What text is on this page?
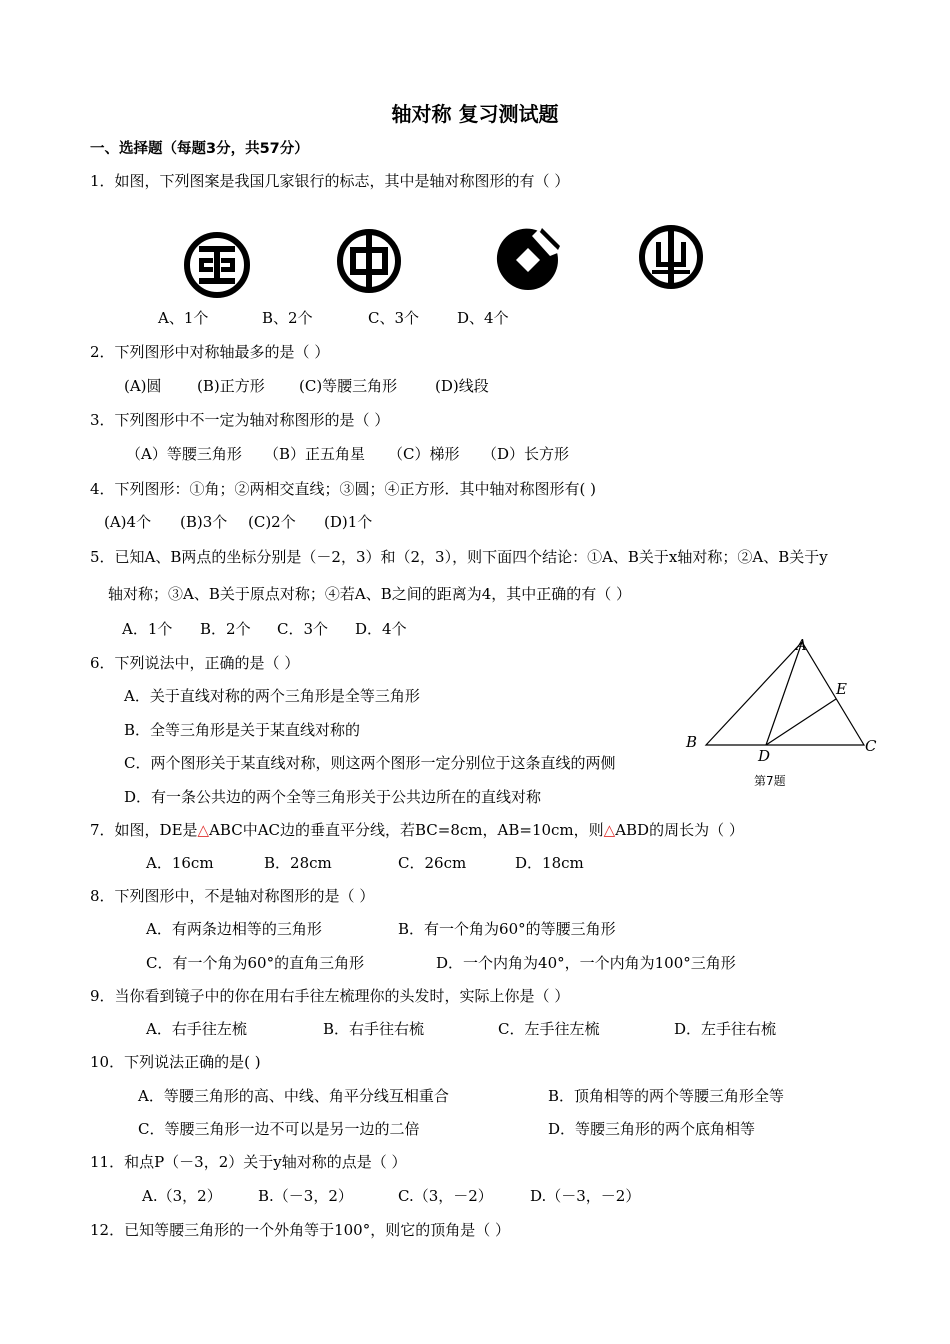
轴对称 复习测试题
一、选择题（每题3分，共57分）
1．如图，下列图案是我国几家银行的标志，其中是轴对称图形的有（ ）
A、1个	B、2个	C、3个	D、4个
2．下列图形中对称轴最多的是（ ）
(A)圆 (B)正方形 (C)等腰三角形	(D)线段
3．下列图形中不一定为轴对称图形的是（ ）
（A）等腰三角形 （B）正五角星 （C）梯形 （D）长方形
4．下列图形：①角；②两相交直线；③圆；④正方形．其中轴对称图形有( )
(A)4个 (B)3个 (C)2个 (D)1个
5．已知A、B两点的坐标分别是（－2，3）和（2，3），则下面四个结论：①A、B关于x轴对称；②A、B关于y
轴对称；③A、B关于原点对称；④若A、B之间的距离为4，其中正确的有（ ）
A．1个 B．2个 C．3个 D．4个
6．下列说法中，正确的是（ ）
A．关于直线对称的两个三角形是全等三角形
B．全等三角形是关于某直线对称的
C．两个图形关于某直线对称，则这两个图形一定分别位于这条直线的两侧
D．有一条公共边的两个全等三角形关于公共边所在的直线对称
A
E
B
D
C
第7题
7．如图，DE是△ABC中AC边的垂直平分线，若BC=8cm，AB=10cm，则△ABD的周长为（ ）
A．16cm	B．28cm	C．26cm	D．18cm
8．下列图形中，不是轴对称图形的是（ ）
A．有两条边相等的三角形	B．有一个角为60°的等腰三角形
C．有一个角为60°的直角三角形	D．一个内角为40°，一个内角为100°三角形
9．当你看到镜子中的你在用右手往左梳理你的头发时，实际上你是（ ）
A．右手往左梳	B．右手往右梳	C．左手往左梳	D．左手往右梳
10．下列说法正确的是( )
A．等腰三角形的高、中线、角平分线互相重合	B．顶角相等的两个等腰三角形全等
C．等腰三角形一边不可以是另一边的二倍	D．等腰三角形的两个底角相等
11．和点P（－3，2）关于y轴对称的点是（ ）
A.（3，2） B.（－3，2）	C.（3，－2） D.（－3，－2）
12．已知等腰三角形的一个外角等于100°，则它的顶角是（ ）
